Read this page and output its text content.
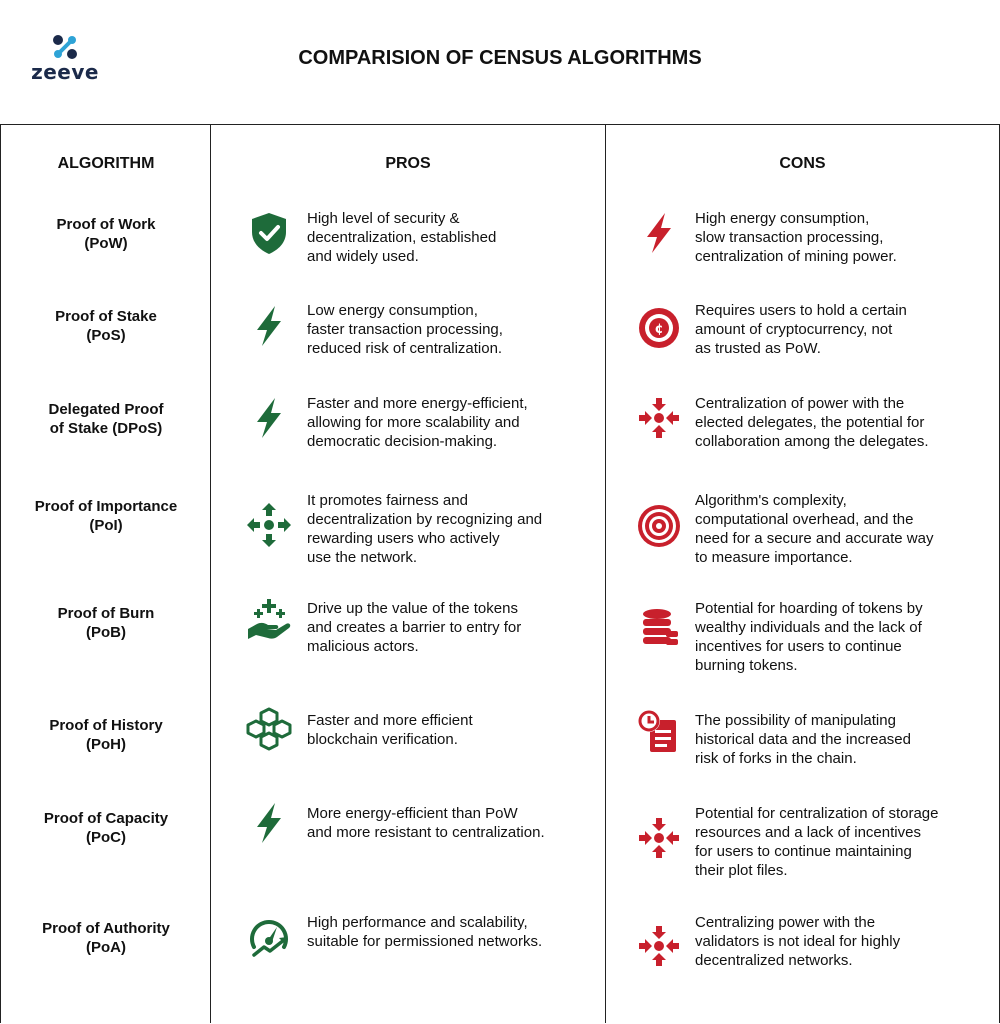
zeeve
COMPARISION OF CENSUS ALGORITHMS
ALGORITHM	PROS	CONS
Proof of Work
(PoW)
High level of security &
decentralization, established
and widely used.
High energy consumption,
slow transaction processing,
centralization of mining power.
Proof of Stake
(PoS)
Low energy consumption,
faster transaction processing,
reduced risk of centralization.
Requires users to hold a certain
amount of cryptocurrency, not
as trusted as PoW.
Delegated Proof
of Stake (DPoS)
Faster and more energy-efficient,
allowing for more scalability and
democratic decision-making.
Centralization of power with the
elected delegates, the potential for
collaboration among the delegates.
Proof of Importance
(PoI)
It promotes fairness and
decentralization by recognizing and
rewarding users who actively
use the network.
Algorithm's complexity,
computational overhead, and the
need for a secure and accurate way
to measure importance.
Proof of Burn
(PoB)
Drive up the value of the tokens
and creates a barrier to entry for
malicious actors.
Potential for hoarding of tokens by
wealthy individuals and the lack of
incentives for users to continue
burning tokens.
Proof of History
(PoH)
Faster and more efficient
blockchain verification.
The possibility of manipulating
historical data and the increased
risk of forks in the chain.
Proof of Capacity
(PoC)
More energy-efficient than PoW
and more resistant to centralization.
Potential for centralization of storage
resources and a lack of incentives
for users to continue maintaining
their plot files.
Proof of Authority
(PoA)
High performance and scalability,
suitable for permissioned networks.
Centralizing power with the
validators is not ideal for highly
decentralized networks.
